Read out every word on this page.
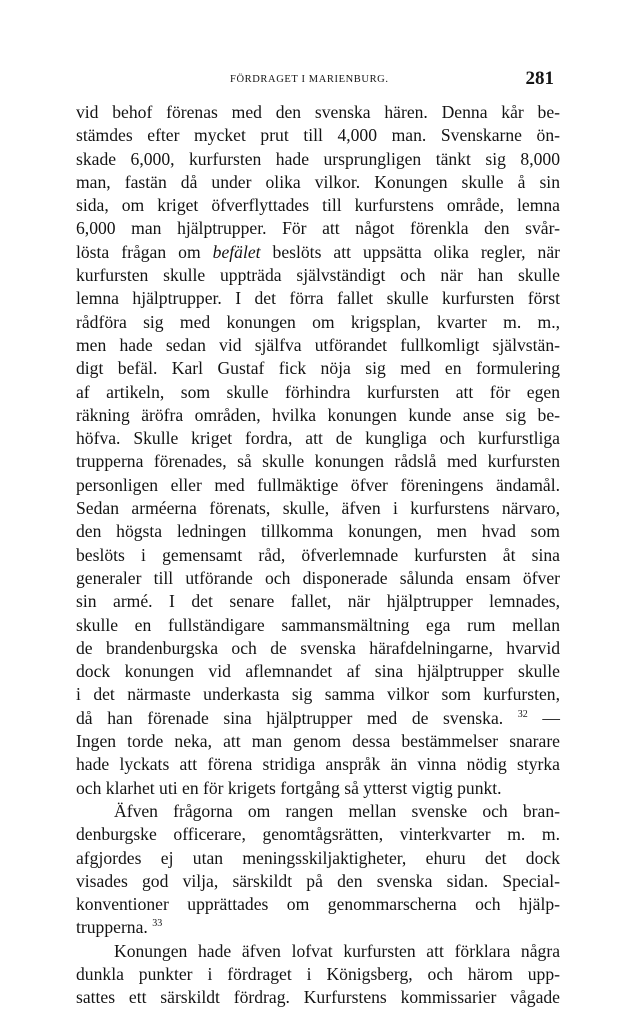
FÖRDRAGET I MARIENBURG.	281
vid behof förenas med den svenska hären. Denna kår be-
stämdes efter mycket prut till 4,000 man. Svenskarne ön-
skade 6,000, kurfursten hade ursprungligen tänkt sig 8,000
man, fastän då under olika vilkor. Konungen skulle å sin
sida, om kriget öfverflyttades till kurfurstens område, lemna
6,000 man hjälptrupper. För att något förenkla den svår-
lösta frågan om befälet beslöts att uppsätta olika regler, när
kurfursten skulle uppträda självständigt och när han skulle
lemna hjälptrupper. I det förra fallet skulle kurfursten först
rådföra sig med konungen om krigsplan, kvarter m. m.,
men hade sedan vid själfva utförandet fullkomligt självstän-
digt befäl. Karl Gustaf fick nöja sig med en formulering
af artikeln, som skulle förhindra kurfursten att för egen
räkning äröfra områden, hvilka konungen kunde anse sig be-
höfva. Skulle kriget fordra, att de kungliga och kurfurstliga
trupperna förenades, så skulle konungen rådslå med kurfursten
personligen eller med fullmäktige öfver föreningens ändamål.
Sedan arméerna förenats, skulle, äfven i kurfurstens närvaro,
den högsta ledningen tillkomma konungen, men hvad som
beslöts i gemensamt råd, öfverlemnade kurfursten åt sina
generaler till utförande och disponerade sålunda ensam öfver
sin armé. I det senare fallet, när hjälptrupper lemnades,
skulle en fullständigare sammansmältning ega rum mellan
de brandenburgska och de svenska härafdelningarne, hvarvid
dock konungen vid aflemnandet af sina hjälptrupper skulle
i det närmaste underkasta sig samma vilkor som kurfursten,
då han förenade sina hjälptrupper med de svenska. $^{32}$ —
Ingen torde neka, att man genom dessa bestämmelser snarare
hade lyckats att förena stridiga anspråk än vinna nödig styrka
och klarhet uti en för krigets fortgång så ytterst vigtig punkt.
Äfven frågorna om rangen mellan svenske och bran-
denburgske officerare, genomtågsrätten, vinterkvarter m. m.
afgjordes ej utan meningsskiljaktigheter, ehuru det dock
visades god vilja, särskildt på den svenska sidan. Special-
konventioner upprättades om genommarscherna och hjälp-
trupperna. $^{33}$
Konungen hade äfven lofvat kurfursten att förklara några
dunkla punkter i fördraget i Königsberg, och härom upp-
sattes ett särskildt fördrag. Kurfurstens kommissarier vågade
